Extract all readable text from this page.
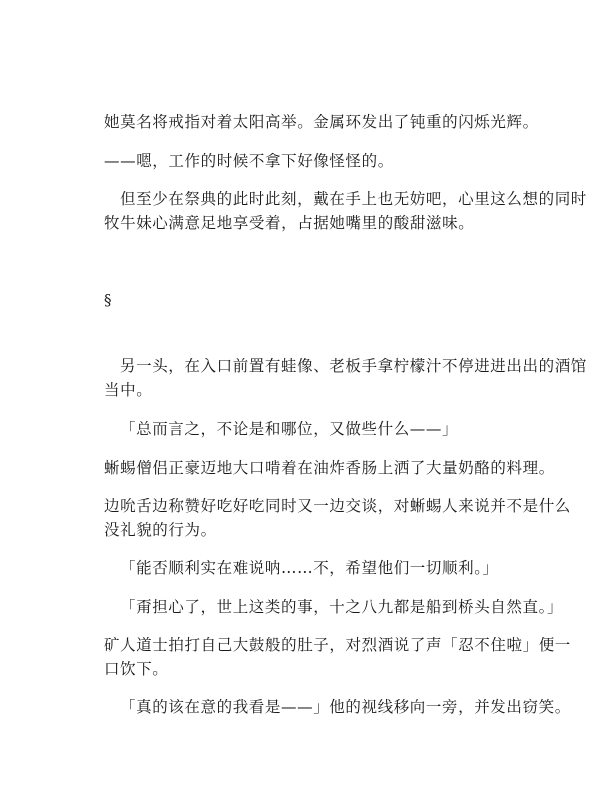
她莫名将戒指对着太阳高举。金属环发出了钝重的闪烁光辉。
——嗯，工作的时候不拿下好像怪怪的。
但至少在祭典的此时此刻，戴在手上也无妨吧，心里这么想的同时
牧牛妹心满意足地享受着，占据她嘴里的酸甜滋味。
§
另一头，在入口前置有蛙像、老板手拿柠檬汁不停进进出出的酒馆
当中。
「总而言之，不论是和哪位，又做些什么——」
蜥蜴僧侣正豪迈地大口啃着在油炸香肠上洒了大量奶酪的料理。
边吮舌边称赞好吃好吃同时又一边交谈，对蜥蜴人来说并不是什么
没礼貌的行为。
「能否顺利实在难说呐……不，希望他们一切顺利。」
「甭担心了，世上这类的事，十之八九都是船到桥头自然直。」
矿人道士拍打自己大鼓般的肚子，对烈酒说了声「忍不住啦」便一
口饮下。
「真的该在意的我看是——」他的视线移向一旁，并发出窃笑。
